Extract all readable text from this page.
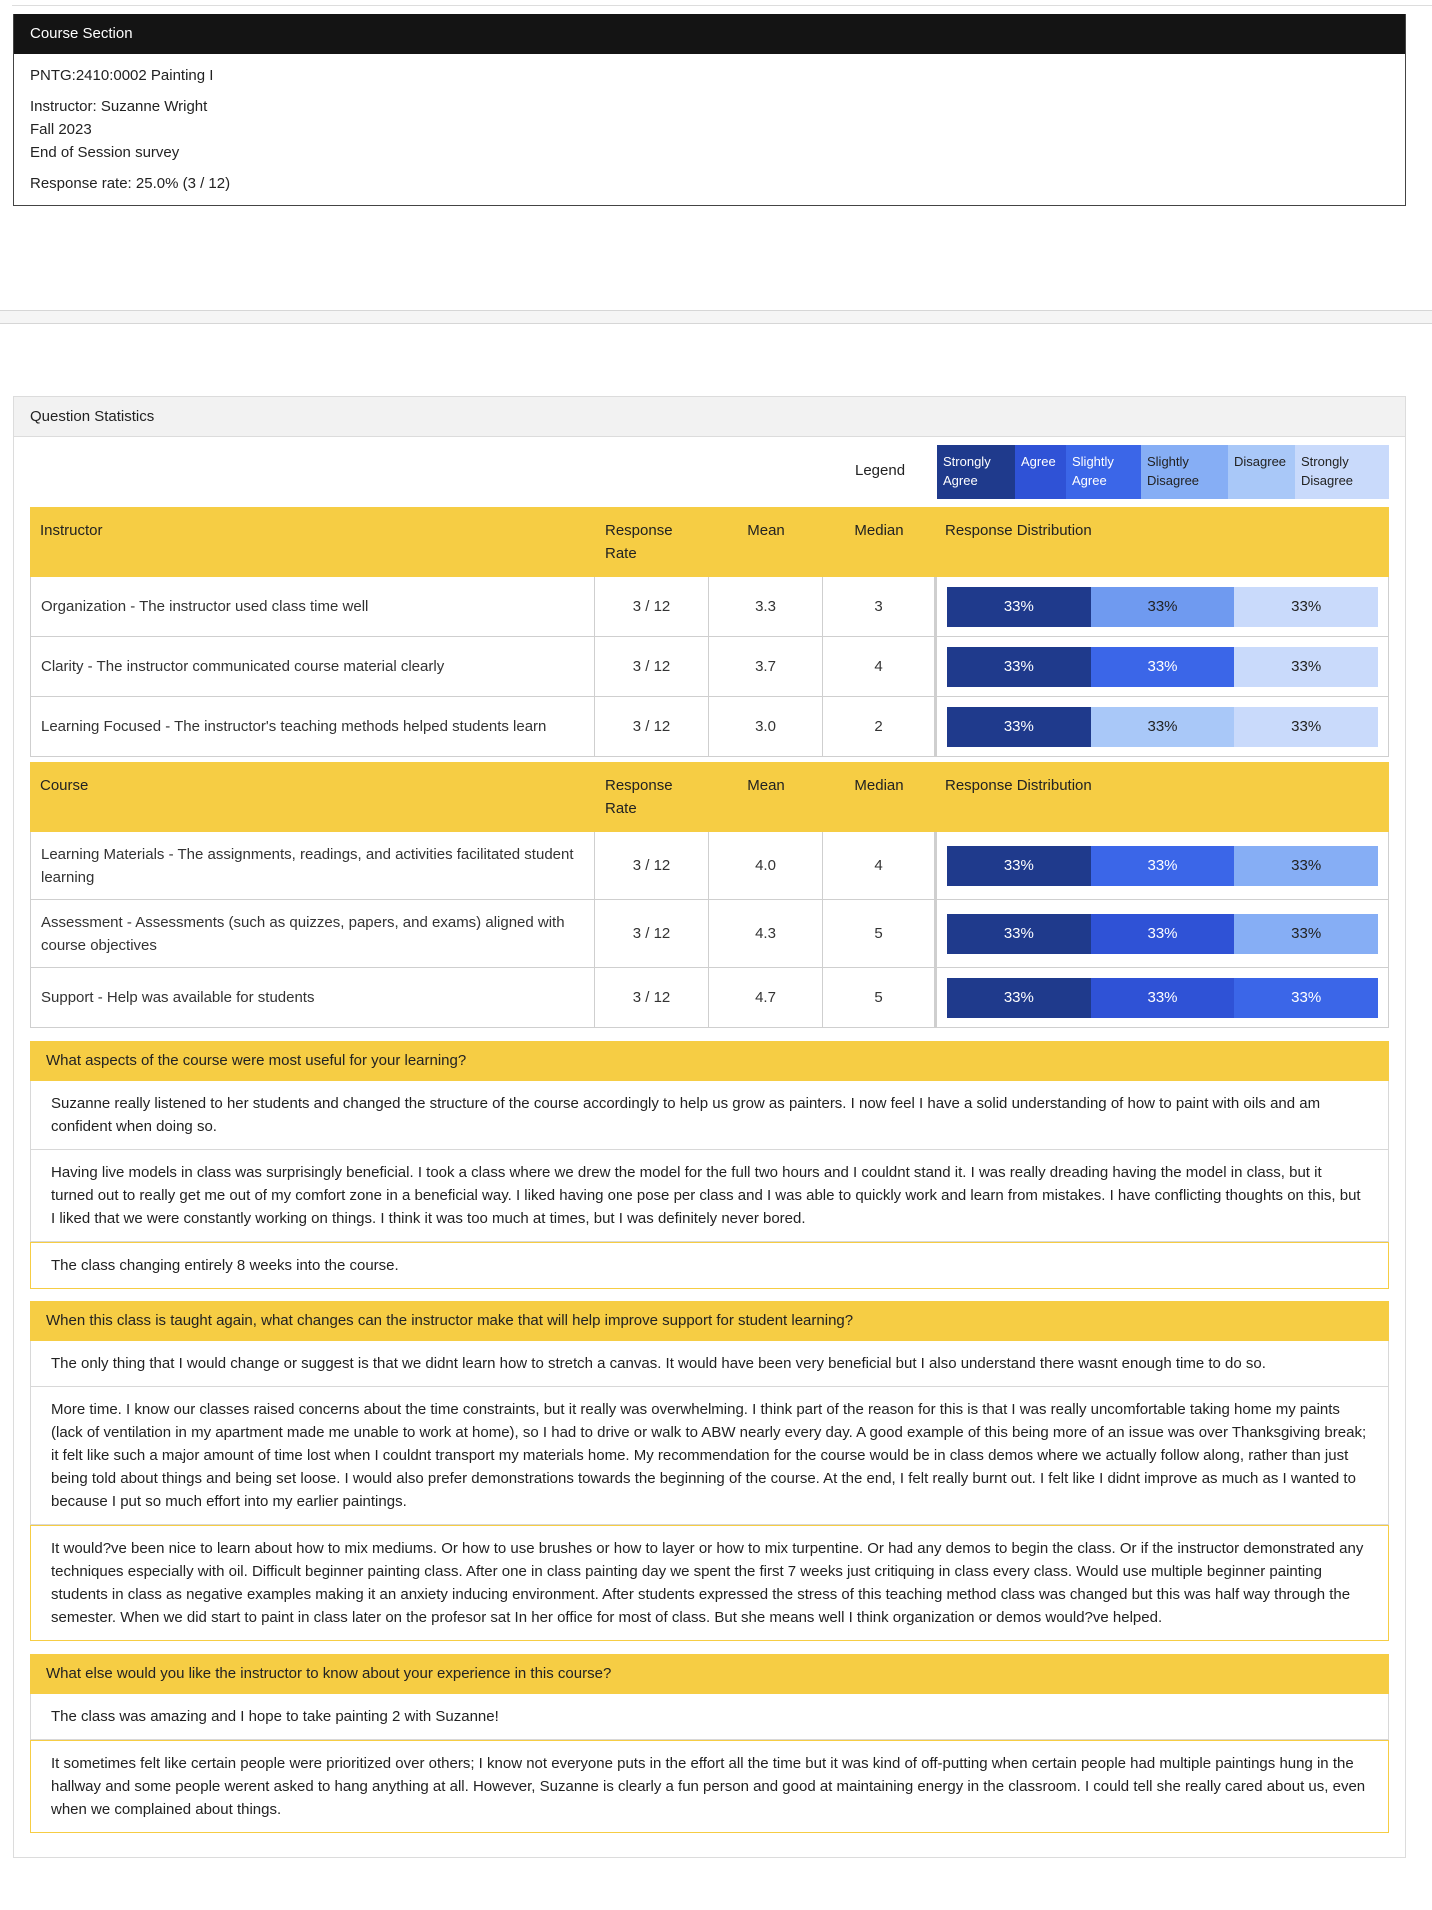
Course Section
PNTG:2410:0002 Painting I
Instructor: Suzanne Wright
Fall 2023
End of Session survey
Response rate: 25.0% (3 / 12)
Question Statistics
Legend
Strongly Agree
Agree	Slightly Agree
Slightly Disagree
Disagree	Strongly Disagree
Instructor	Response Rate	Mean	Median	Response Distribution
Organization - The instructor used class time well	3 / 12	3.3	3	33% 33% 33%

Clarity - The instructor communicated course material clearly	3 / 12	3.7	4	33% 33% 33%

Learning Focused - The instructor's teaching methods helped students learn	3 / 12	3.0	2	33% 33% 33%
Course	Response Rate	Mean	Median	Response Distribution
Learning Materials - The assignments, readings, and activities facilitated student learning	3 / 12	4.0	4	33% 33% 33%

Assessment - Assessments (such as quizzes, papers, and exams) aligned with course objectives	3 / 12	4.3	5	33% 33% 33%

Support - Help was available for students	3 / 12	4.7	5	33% 33% 33%
What aspects of the course were most useful for your learning?
Suzanne really listened to her students and changed the structure of the course accordingly to help us grow as painters. I now feel I have a solid understanding of how to paint with oils and am confident when doing so.
Having live models in class was surprisingly beneficial. I took a class where we drew the model for the full two hours and I couldnt stand it. I was really dreading having the model in class, but it turned out to really get me out of my comfort zone in a beneficial way. I liked having one pose per class and I was able to quickly work and learn from mistakes. I have conflicting thoughts on this, but I liked that we were constantly working on things. I think it was too much at times, but I was definitely never bored.
The class changing entirely 8 weeks into the course.
When this class is taught again, what changes can the instructor make that will help improve support for student learning?
The only thing that I would change or suggest is that we didnt learn how to stretch a canvas. It would have been very beneficial but I also understand there wasnt enough time to do so.
More time. I know our classes raised concerns about the time constraints, but it really was overwhelming. I think part of the reason for this is that I was really uncomfortable taking home my paints (lack of ventilation in my apartment made me unable to work at home), so I had to drive or walk to ABW nearly every day. A good example of this being more of an issue was over Thanksgiving break; it felt like such a major amount of time lost when I couldnt transport my materials home. My recommendation for the course would be in class demos where we actually follow along, rather than just being told about things and being set loose. I would also prefer demonstrations towards the beginning of the course. At the end, I felt really burnt out. I felt like I didnt improve as much as I wanted to because I put so much effort into my earlier paintings.
It would?ve been nice to learn about how to mix mediums. Or how to use brushes or how to layer or how to mix turpentine. Or had any demos to begin the class. Or if the instructor demonstrated any techniques especially with oil. Difficult beginner painting class. After one in class painting day we spent the first 7 weeks just critiquing in class every class. Would use multiple beginner painting students in class as negative examples making it an anxiety inducing environment. After students expressed the stress of this teaching method class was changed but this was half way through the semester. When we did start to paint in class later on the profesor sat In her office for most of class. But she means well I think organization or demos would?ve helped.
What else would you like the instructor to know about your experience in this course?
The class was amazing and I hope to take painting 2 with Suzanne!
It sometimes felt like certain people were prioritized over others; I know not everyone puts in the effort all the time but it was kind of off-putting when certain people had multiple paintings hung in the hallway and some people werent asked to hang anything at all. However, Suzanne is clearly a fun person and good at maintaining energy in the classroom. I could tell she really cared about us, even when we complained about things.
